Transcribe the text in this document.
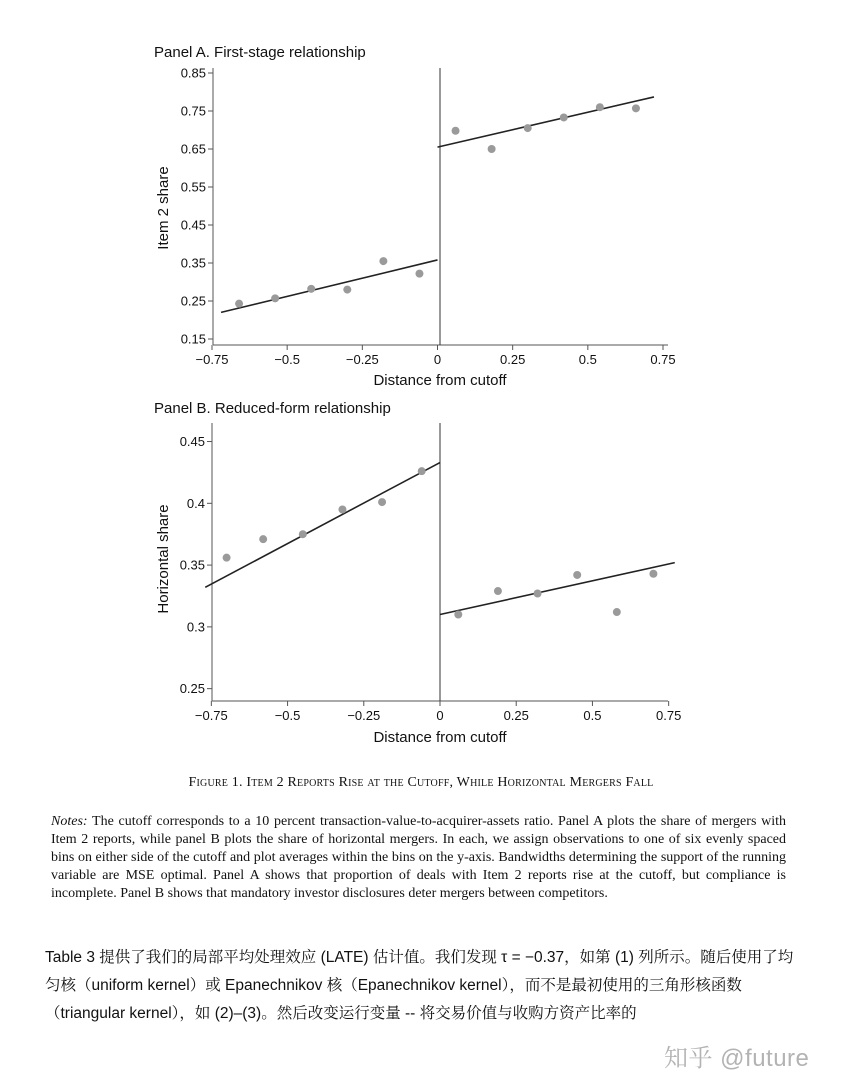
Panel A. First-stage relationship
0.15
0.25
0.35
0.45
0.55
0.65
0.75
0.85
−0.75	−0.5	−0.25	0	0.25	0.5	0.75
Distance from cutoff
Item 2 share
Panel B. Reduced-form relationship
0.25
0.3
0.35
0.4
0.45
−0.75	−0.5	−0.25	0	0.25	0.5	0.75
Distance from cutoff
Horizontal share
Figure 1. Item 2 Reports Rise at the Cutoff, While Horizontal Mergers Fall
Notes: The cutoff corresponds to a 10 percent transaction-value-to-acquirer-assets ratio. Panel A plots the share of mergers with Item 2 reports, while panel B plots the share of horizontal mergers. In each, we assign observations to one of six evenly spaced bins on either side of the cutoff and plot averages within the bins on the y-axis. Bandwidths determining the support of the running variable are MSE optimal. Panel A shows that proportion of deals with Item 2 reports rise at the cutoff, but compliance is incomplete. Panel B shows that mandatory investor disclosures deter mergers between competitors.
Table 3 提供了我们的局部平均处理效应 (LATE) 估计值。我们发现 τ = −0.37，如第 (1) 列所示。随后使用了均匀核（uniform kernel）或 Epanechnikov 核（Epanechnikov kernel），而不是最初使用的三角形核函数（triangular kernel），如 (2)–(3)。然后改变运行变量 -- 将交易价值与收购方资产比率的
知乎 @future
